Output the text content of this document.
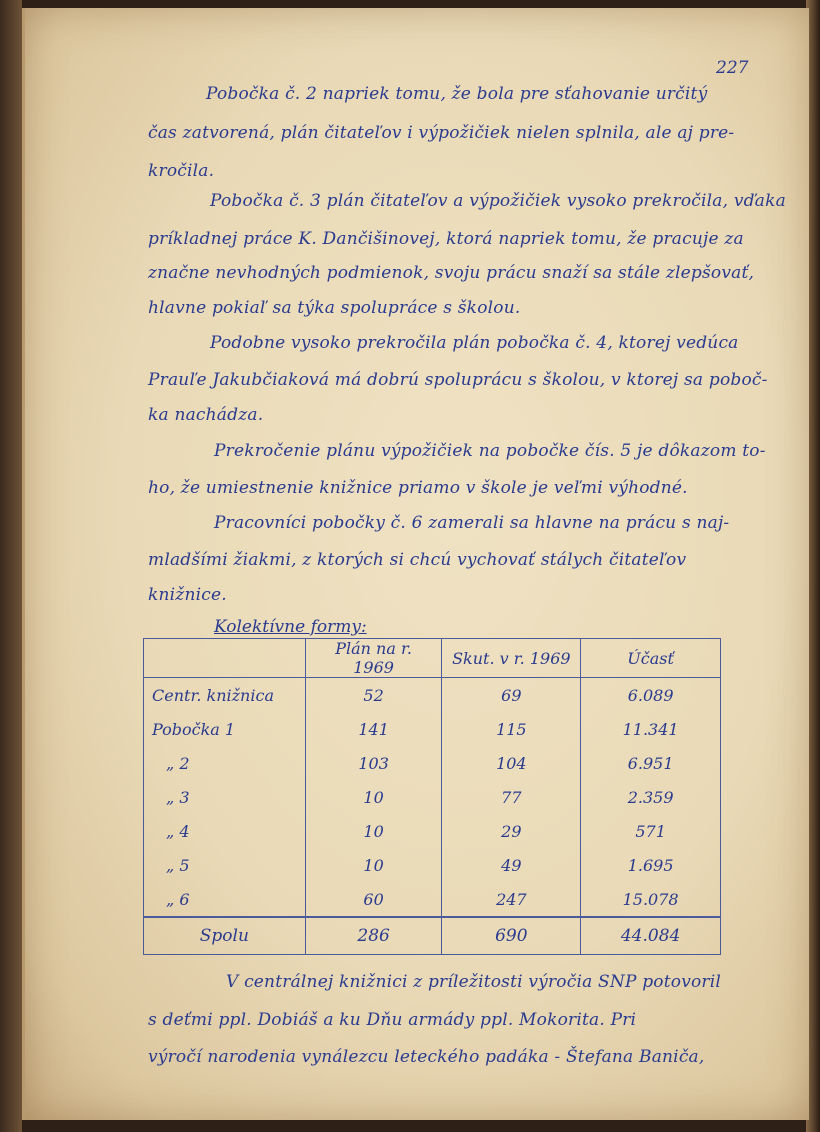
227
Pobočka č. 2 napriek tomu, že bola pre sťahovanie určitý
čas zatvorená, plán čitateľov i výpožičiek nielen splnila, ale aj pre-
kročila.
Pobočka č. 3 plán čitateľov a výpožičiek vysoko prekročila, vďaka
príkladnej práce K. Dančišinovej, ktorá napriek tomu, že pracuje za
značne nevhodných podmienok, svoju prácu snaží sa stále zlepšovať,
hlavne pokiaľ sa týka spolupráce s školou.
Podobne vysoko prekročila plán pobočka č. 4, ktorej vedúca
Prauľe Jakubčiaková má dobrú spoluprácu s školou, v ktorej sa poboč-
ka nachádza.
Prekročenie plánu výpožičiek na pobočke čís. 5 je dôkazom to-
ho, že umiestnenie knižnice priamo v škole je veľmi výhodné.
Pracovníci pobočky č. 6 zamerali sa hlavne na prácu s naj-
mladšími žiakmi, z ktorých si chcú vychovať stálych čitateľov
knižnice.
Kolektívne formy:
	Plán na r. 1969	Skut. v r. 1969	Účasť
Centr. knižnica	52	69	6.089
Pobočka 1	141	115	11.341
„ 2	103	104	6.951
„ 3	10	77	2.359
„ 4	10	29	571
„ 5	10	49	1.695
„ 6	60	247	15.078
Spolu	286	690	44.084
V centrálnej knižnici z príležitosti výročia SNP potovoril
s deťmi ppl. Dobiáš a ku Dňu armády ppl. Mokorita. Pri
výročí narodenia vynálezcu leteckého padáka - Štefana Baniča,
